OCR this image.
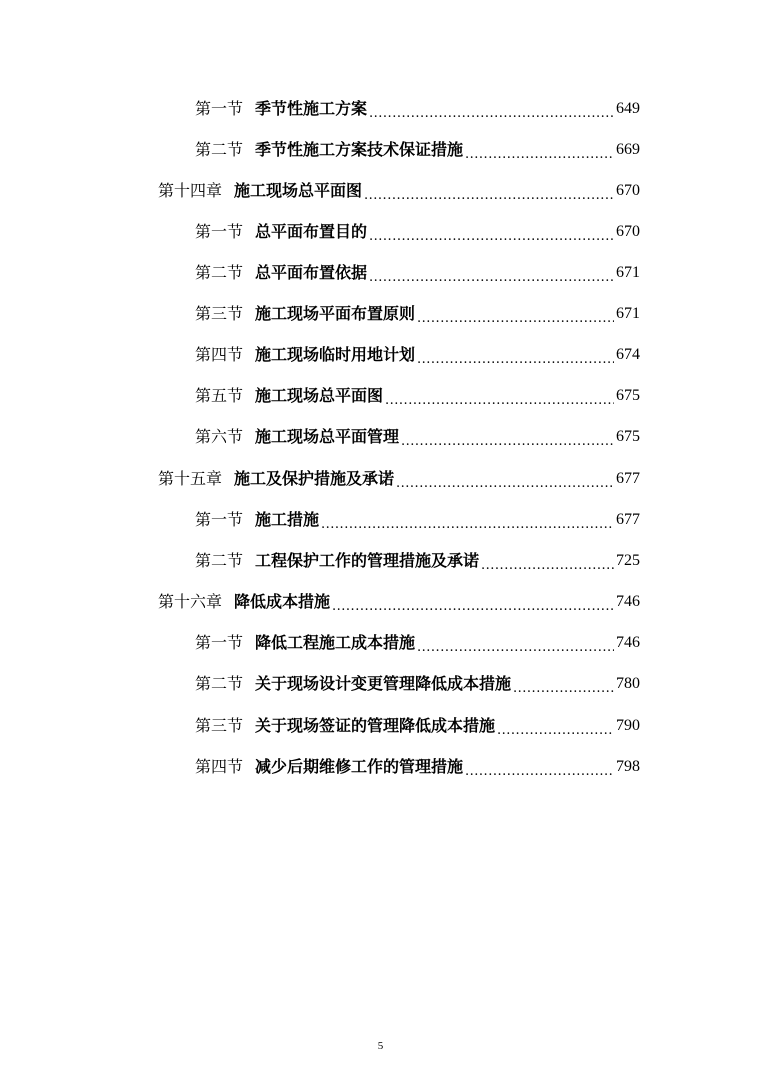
第一节 季节性施工方案 .....	649
第二节 季节性施工方案技术保证措施 .....	669
第十四章 施工现场总平面图 .....	670
第一节 总平面布置目的 .....	670
第二节 总平面布置依据 .....	671
第三节 施工现场平面布置原则 .....	671
第四节 施工现场临时用地计划 .....	674
第五节 施工现场总平面图 .....	675
第六节 施工现场总平面管理 .....	675
第十五章 施工及保护措施及承诺 .....	677
第一节 施工措施 .....	677
第二节 工程保护工作的管理措施及承诺 .....	725
第十六章 降低成本措施 .....	746
第一节 降低工程施工成本措施 .....	746
第二节 关于现场设计变更管理降低成本措施 .....	780
第三节 关于现场签证的管理降低成本措施 .....	790
第四节 减少后期维修工作的管理措施 .....	798
5
